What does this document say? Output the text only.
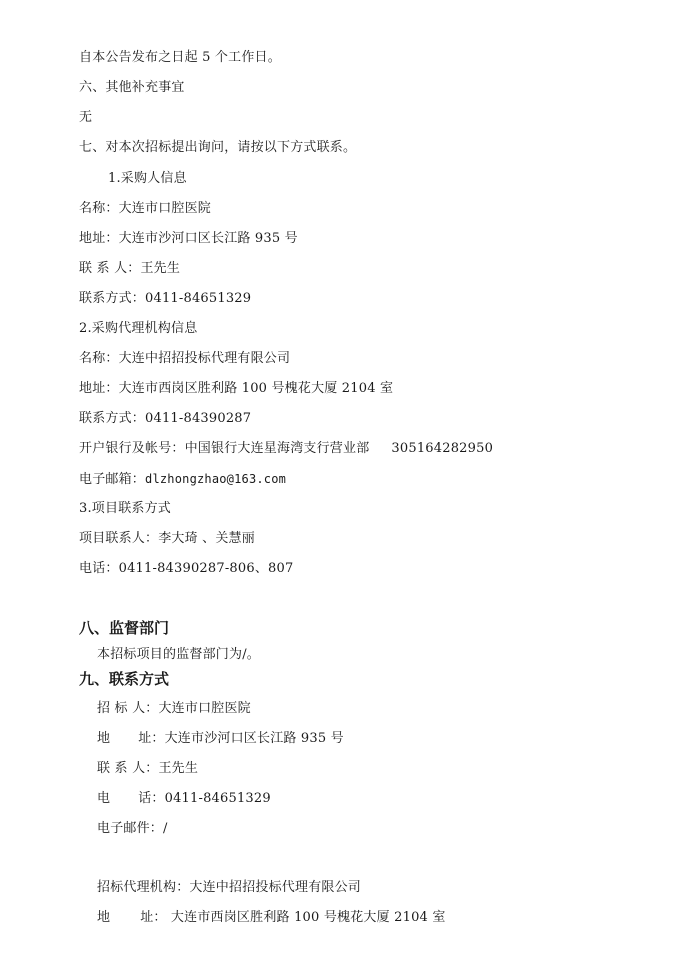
自本公告发布之日起 5 个工作日。
六、其他补充事宜
无
七、对本次招标提出询问，请按以下方式联系。
1.采购人信息
名称：大连市口腔医院
地址：大连市沙河口区长江路 935 号
联 系 人：王先生
联系方式：0411-84651329
2.采购代理机构信息
名称：大连中招招投标代理有限公司
地址：大连市西岗区胜利路 100 号槐花大厦 2104 室
联系方式：0411-84390287
开户银行及帐号：中国银行大连星海湾支行营业部 305164282950
电子邮箱：dlzhongzhao@163.com
3.项目联系方式
项目联系人：李大琦 、关慧丽
电话：0411-84390287-806、807
八、监督部门
本招标项目的监督部门为/。
九、联系方式
招 标 人：大连市口腔医院
地 址：大连市沙河口区长江路 935 号
联 系 人：王先生
电 话：0411-84651329
电子邮件：/
招标代理机构：大连中招招投标代理有限公司
地 址： 大连市西岗区胜利路 100 号槐花大厦 2104 室
